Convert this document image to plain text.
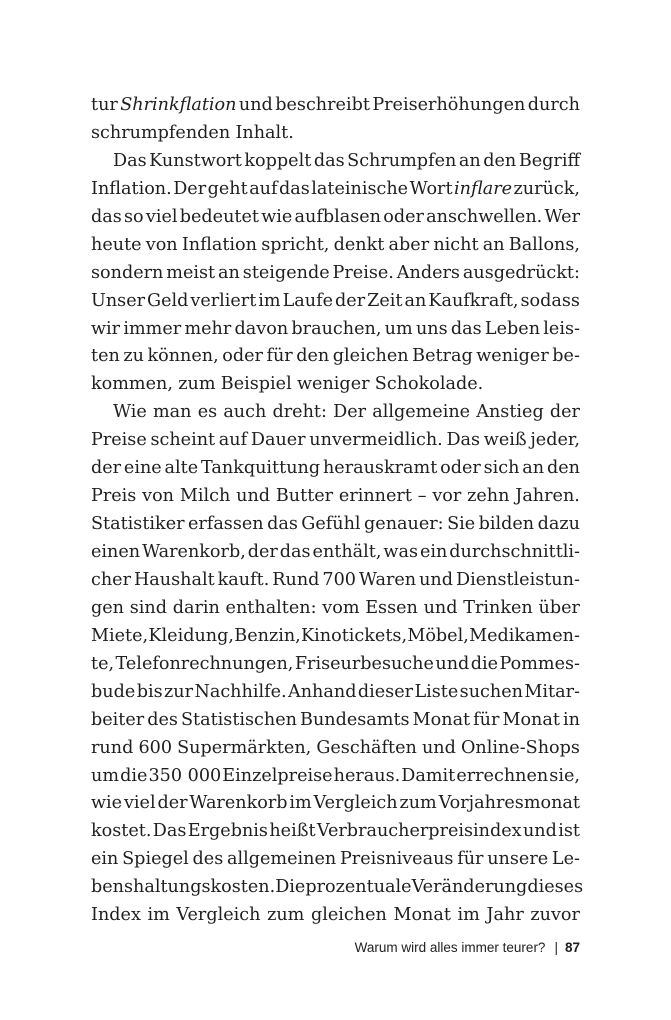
tur Shrinkflation und beschreibt Preiserhöhungen durch
schrumpfenden Inhalt.
Das Kunstwort koppelt das Schrumpfen an den Begriff
Inflation. Der geht auf das lateinische Wort inflare zurück,
das so viel bedeutet wie aufblasen oder anschwellen. Wer
heute von Inflation spricht, denkt aber nicht an Ballons,
sondern meist an steigende Preise. Anders ausgedrückt:
Unser Geld verliert im Laufe der Zeit an Kaufkraft, sodass
wir immer mehr davon brauchen, um uns das Leben leis-
ten zu können, oder für den gleichen Betrag weniger be-
kommen, zum Beispiel weniger Schokolade.
Wie man es auch dreht: Der allgemeine Anstieg der
Preise scheint auf Dauer unvermeidlich. Das weiß jeder,
der eine alte Tankquittung herauskramt oder sich an den
Preis von Milch und Butter erinnert – vor zehn Jahren.
Statistiker erfassen das Gefühl genauer: Sie bilden dazu
einen Warenkorb, der das enthält, was ein durchschnittli-
cher Haushalt kauft. Rund 700 Waren und Dienstleistun-
gen sind darin enthalten: vom Essen und Trinken über
Miete, Kleidung, Benzin, Kinotickets, Möbel, Medikamen-
te, Telefonrechnungen, Friseurbesuche und die Pommes-
bude bis zur Nachhilfe. Anhand dieser Liste suchen Mitar-
beiter des Statistischen Bundesamts Monat für Monat in
rund 600 Supermärkten, Geschäften und Online-Shops
um die 350 000 Einzelpreise heraus. Damit errechnen sie,
wie viel der Warenkorb im Vergleich zum Vorjahresmonat
kostet. Das Ergebnis heißt Verbraucherpreisindex und ist
ein Spiegel des allgemeinen Preisniveaus für unsere Le-
benshaltungskosten. Die prozentuale Veränderung dieses
Index im Vergleich zum gleichen Monat im Jahr zuvor
Warum wird alles immer teurer? | 87
